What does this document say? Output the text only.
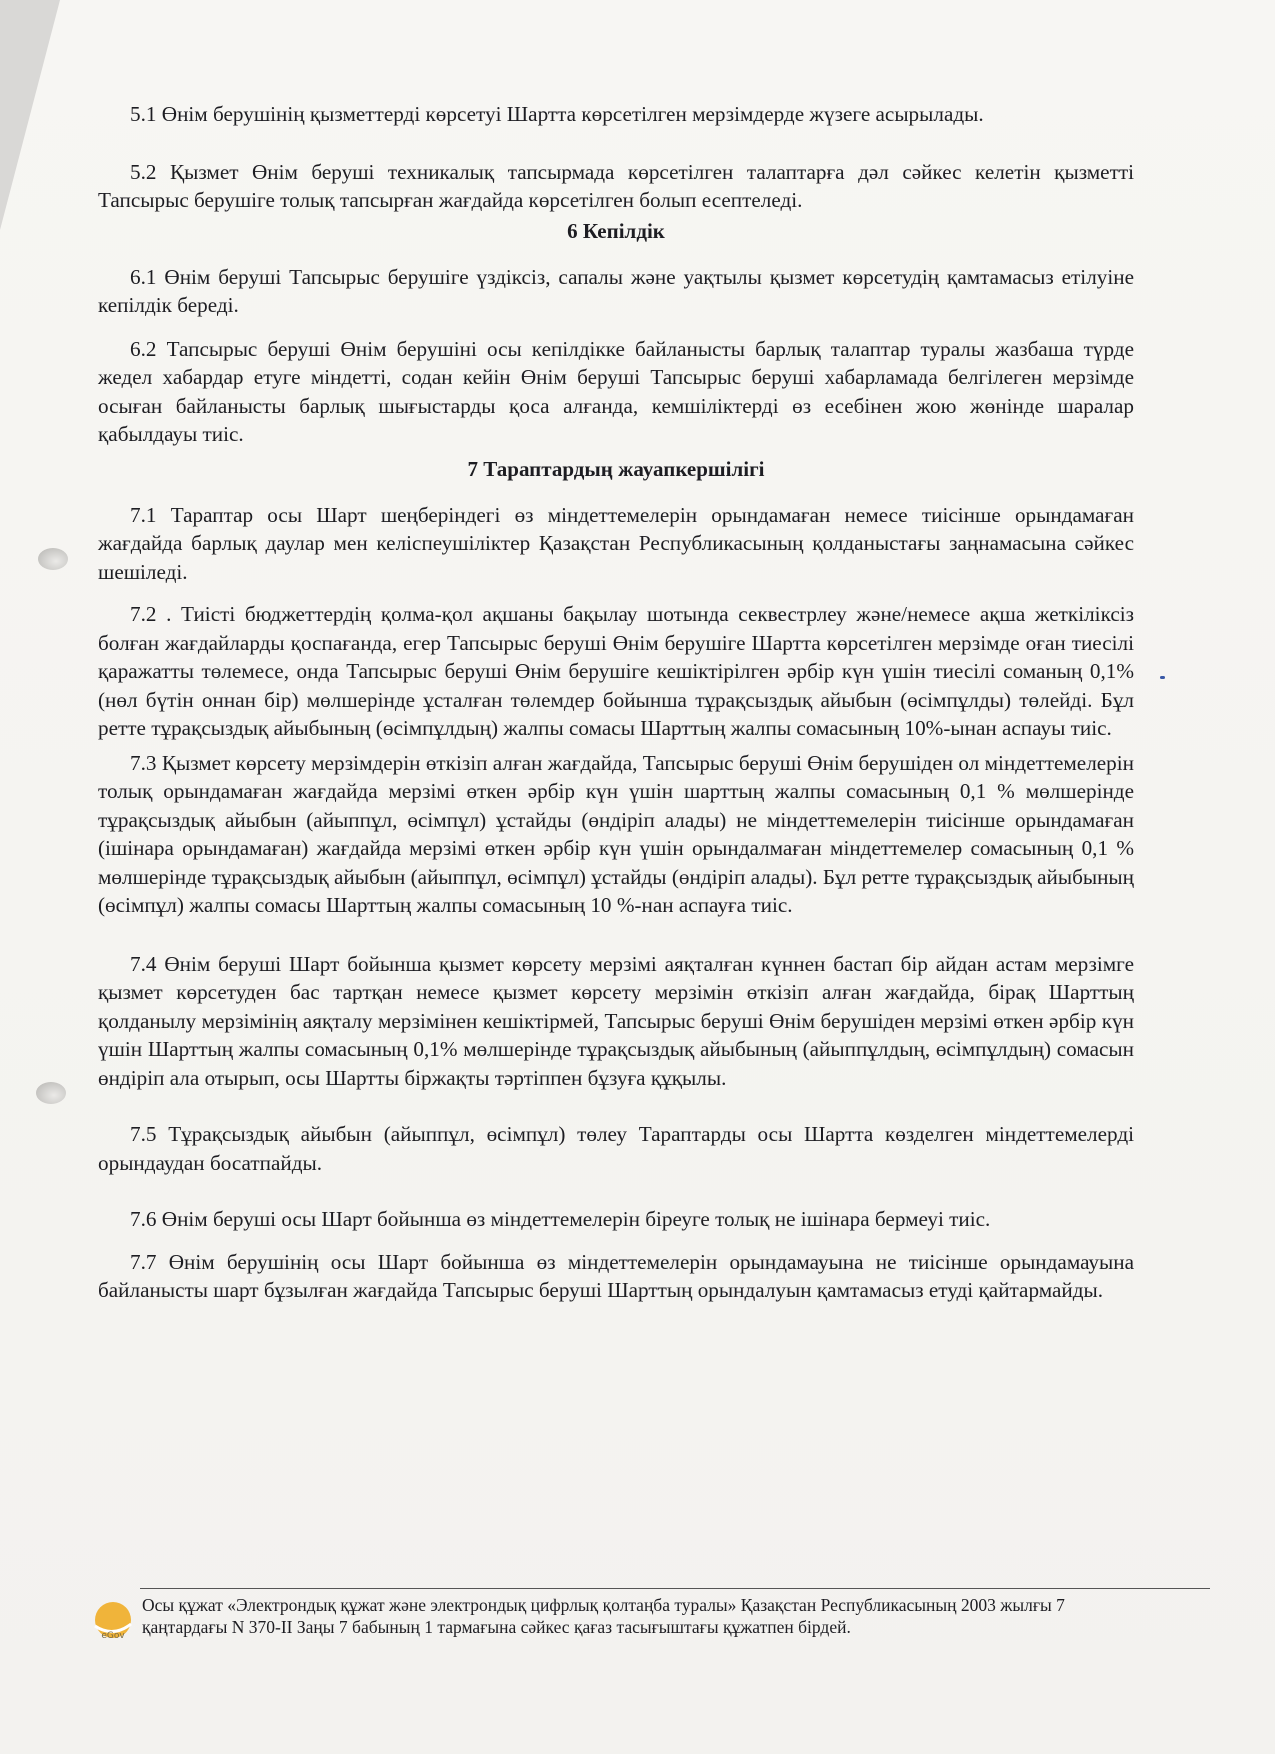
5.1 Өнім берушінің қызметтерді көрсетуі Шартта көрсетілген мерзімдерде жүзеге асырылады.

5.2 Қызмет Өнім беруші техникалық тапсырмада көрсетілген талаптарға дәл сәйкес келетін қызметті Тапсырыс берушіге толық тапсырған жағдайда көрсетілген болып есептеледі.

6 Кепілдік

6.1 Өнім беруші Тапсырыс берушіге үздіксіз, сапалы және уақтылы қызмет көрсетудің қамтамасыз етілуіне кепілдік береді.

6.2 Тапсырыс беруші Өнім берушіні осы кепілдікке байланысты барлық талаптар туралы жазбаша түрде жедел хабардар етуге міндетті, содан кейін Өнім беруші Тапсырыс беруші хабарламада белгілеген мерзімде осыған байланысты барлық шығыстарды қоса алғанда, кемшіліктерді өз есебінен жою жөнінде шаралар қабылдауы тиіс.

7 Тараптардың жауапкершілігі

7.1 Тараптар осы Шарт шеңберіндегі өз міндеттемелерін орындамаған немесе тиісінше орындамаған жағдайда барлық даулар мен келіспеушіліктер Қазақстан Республикасының қолданыстағы заңнамасына сәйкес шешіледі.

7.2 . Тиісті бюджеттердің қолма-қол ақшаны бақылау шотында секвестрлеу және/немесе ақша жеткіліксіз болған жағдайларды қоспағанда, егер Тапсырыс беруші Өнім берушіге Шартта көрсетілген мерзімде оған тиесілі қаражатты төлемесе, онда Тапсырыс беруші Өнім берушіге кешіктірілген әрбір күн үшін тиесілі соманың 0,1% (нөл бүтін оннан бір) мөлшерінде ұсталған төлемдер бойынша тұрақсыздық айыбын (өсімпұлды) төлейді. Бұл ретте тұрақсыздық айыбының (өсімпұлдың) жалпы сомасы Шарттың жалпы сомасының 10%-ынан аспауы тиіс.

7.3 Қызмет көрсету мерзімдерін өткізіп алған жағдайда, Тапсырыс беруші Өнім берушіден ол міндеттемелерін толық орындамаған жағдайда мерзімі өткен әрбір күн үшін шарттың жалпы сомасының 0,1 % мөлшерінде тұрақсыздық айыбын (айыппұл, өсімпұл) ұстайды (өндіріп алады) не міндеттемелерін тиісінше орындамаған (ішінара орындамаған) жағдайда мерзімі өткен әрбір күн үшін орындалмаған міндеттемелер сомасының 0,1 % мөлшерінде тұрақсыздық айыбын (айыппұл, өсімпұл) ұстайды (өндіріп алады). Бұл ретте тұрақсыздық айыбының (өсімпұл) жалпы сомасы Шарттың жалпы сомасының 10 %-нан аспауға тиіс.

7.4 Өнім беруші Шарт бойынша қызмет көрсету мерзімі аяқталған күннен бастап бір айдан астам мерзімге қызмет көрсетуден бас тартқан немесе қызмет көрсету мерзімін өткізіп алған жағдайда, бірақ Шарттың қолданылу мерзімінің аяқталу мерзімінен кешіктірмей, Тапсырыс беруші Өнім берушіден мерзімі өткен әрбір күн үшін Шарттың жалпы сомасының 0,1% мөлшерінде тұрақсыздық айыбының (айыппұлдың, өсімпұлдың) сомасын өндіріп ала отырып, осы Шартты біржақты тәртіппен бұзуға құқылы.

7.5 Тұрақсыздық айыбын (айыппұл, өсімпұл) төлеу Тараптарды осы Шартта көзделген міндеттемелерді орындаудан босатпайды.

7.6 Өнім беруші осы Шарт бойынша өз міндеттемелерін біреуге толық не ішінара бермеуі тиіс.

7.7 Өнім берушінің осы Шарт бойынша өз міндеттемелерін орындамауына не тиісінше орындамауына байланысты шарт бұзылған жағдайда Тапсырыс беруші Шарттың орындалуын қамтамасыз етуді қайтармайды.

eGov
Осы құжат «Электрондық құжат және электрондық цифрлық қолтаңба туралы» Қазақстан Республикасының 2003 жылғы 7 қаңтардағы N 370-II Заңы 7 бабының 1 тармағына сәйкес қағаз тасығыштағы құжатпен бірдей.
